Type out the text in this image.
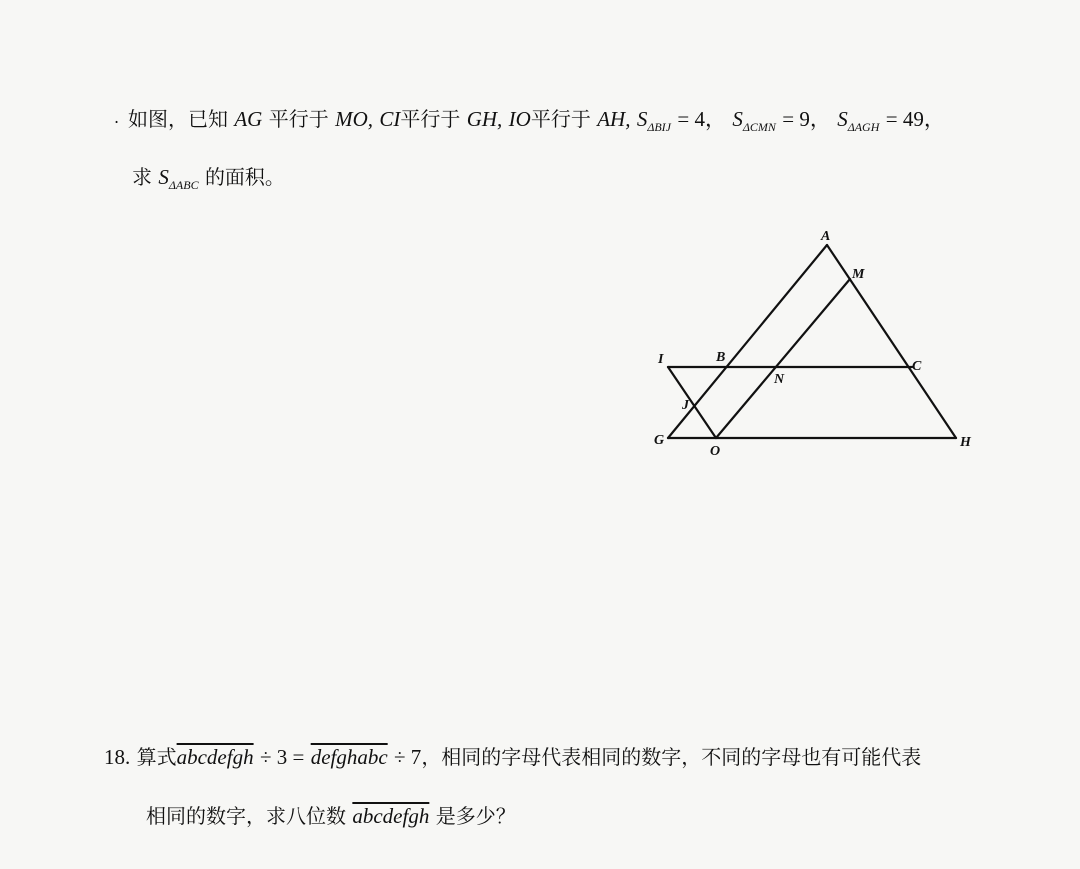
. 如图，已知 AG 平行于 MO, CI平行于 GH, IO平行于 AH, $S_{\Delta BIJ} = 4$， $S_{\Delta CMN} = 9$， $S_{\Delta AGH} = 49$，
求 $S_{\Delta ABC}$ 的面积。
A
M
I	B
N
C
J
G
O
H
18. 算式abcdefgh ÷ 3 = defghabc ÷ 7，相同的字母代表相同的数字，不同的字母也有可能代表
相同的数字，求八位数 abcdefgh 是多少？
